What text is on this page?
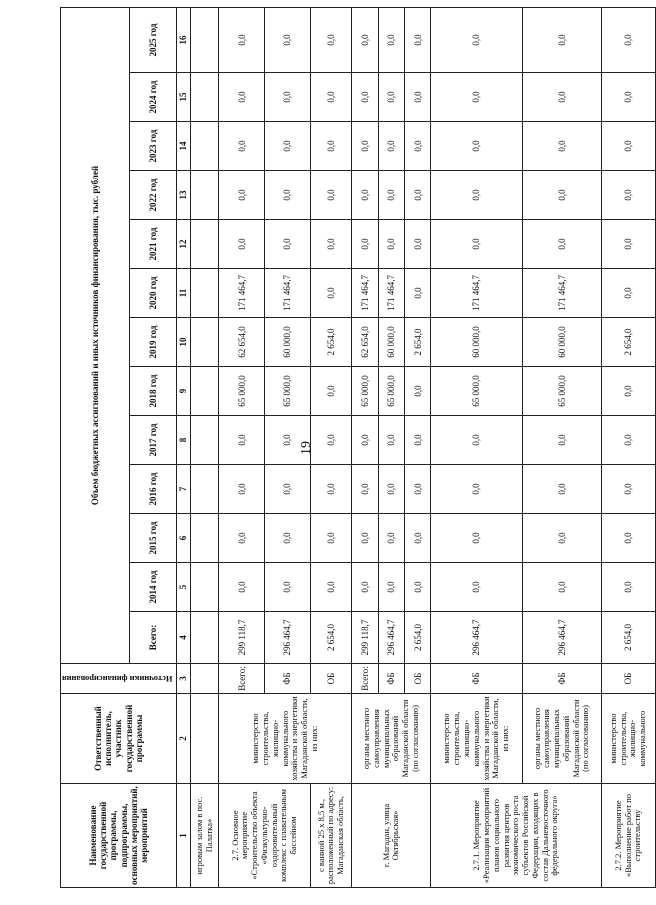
19
Наименование государственной программы, подпрограммы, основных мероприятий, мероприятий	Ответственный исполнитель, участник государственной программы	Источники финансирования	Объем бюджетных ассигнований и иных источников финансирования, тыс. рублей												
			Всего:	2014 год	2015 год	2016 год	2017 год	2018 год	2019 год	2020 год	2021 год	2022 год	2023 год	2024 год	2025 год
1	2	3	4	5	6	7	8	9	10	11	12	13	14	15	16
игровым залом в пос. Палатка»															
2.7. Основное мероприятие «Строительство объекта «Физкультурно-оздоровительный комплекс с плавательным бассейном	министерство строительства, жилищно-коммунального хозяйства и энергетики Магаданской области, из них:	Всего:	299 118,7	0,0	0,0	0,0	0,0	65 000,0	62 654,0	171 464,7	0,0	0,0	0,0	0,0	0,0
		ФБ	296 464,7	0,0	0,0	0,0	0,0	65 000,0	60 000,0	171 464,7	0,0	0,0	0,0	0,0	0,0
с ванной 25 х 8,5 м., расположенный по адресу: Магаданская область,		ОБ	2 654,0	0,0	0,0	0,0	0,0	0,0	2 654,0	0,0	0,0	0,0	0,0	0,0	0,0
г. Магадан, улица Октябрьская»	органы местного самоуправления муниципальных образований Магаданской области (по согласованию)	Всего:	299 118,7	0,0	0,0	0,0	0,0	65 000,0	62 654,0	171 464,7	0,0	0,0	0,0	0,0	0,0
		ФБ	296 464,7	0,0	0,0	0,0	0,0	65 000,0	60 000,0	171 464,7	0,0	0,0	0,0	0,0	0,0
		ОБ	2 654,0	0,0	0,0	0,0	0,0	0,0	2 654,0	0,0	0,0	0,0	0,0	0,0	0,0
2.7.1. Мероприятие «Реализация мероприятий планов социального развития центров экономического роста субъектов Российской Федерации, входящих в состав Дальневосточного федерального округа»	министерство строительства, жилищно-коммунального хозяйства и энергетики Магаданской области, из них:	ФБ	296 464,7	0,0	0,0	0,0	0,0	65 000,0	60 000,0	171 464,7	0,0	0,0	0,0	0,0	0,0
	органы местного самоуправления муниципальных образований Магаданской области (по согласованию)	ФБ	296 464,7	0,0	0,0	0,0	0,0	65 000,0	60 000,0	171 464,7	0,0	0,0	0,0	0,0	0,0
2.7.2. Мероприятие «Выполнение работ по строительству	министерство строительства, жилищно-коммунального	ОБ	2 654,0	0,0	0,0	0,0	0,0	0,0	2 654,0	0,0	0,0	0,0	0,0	0,0	0,0
